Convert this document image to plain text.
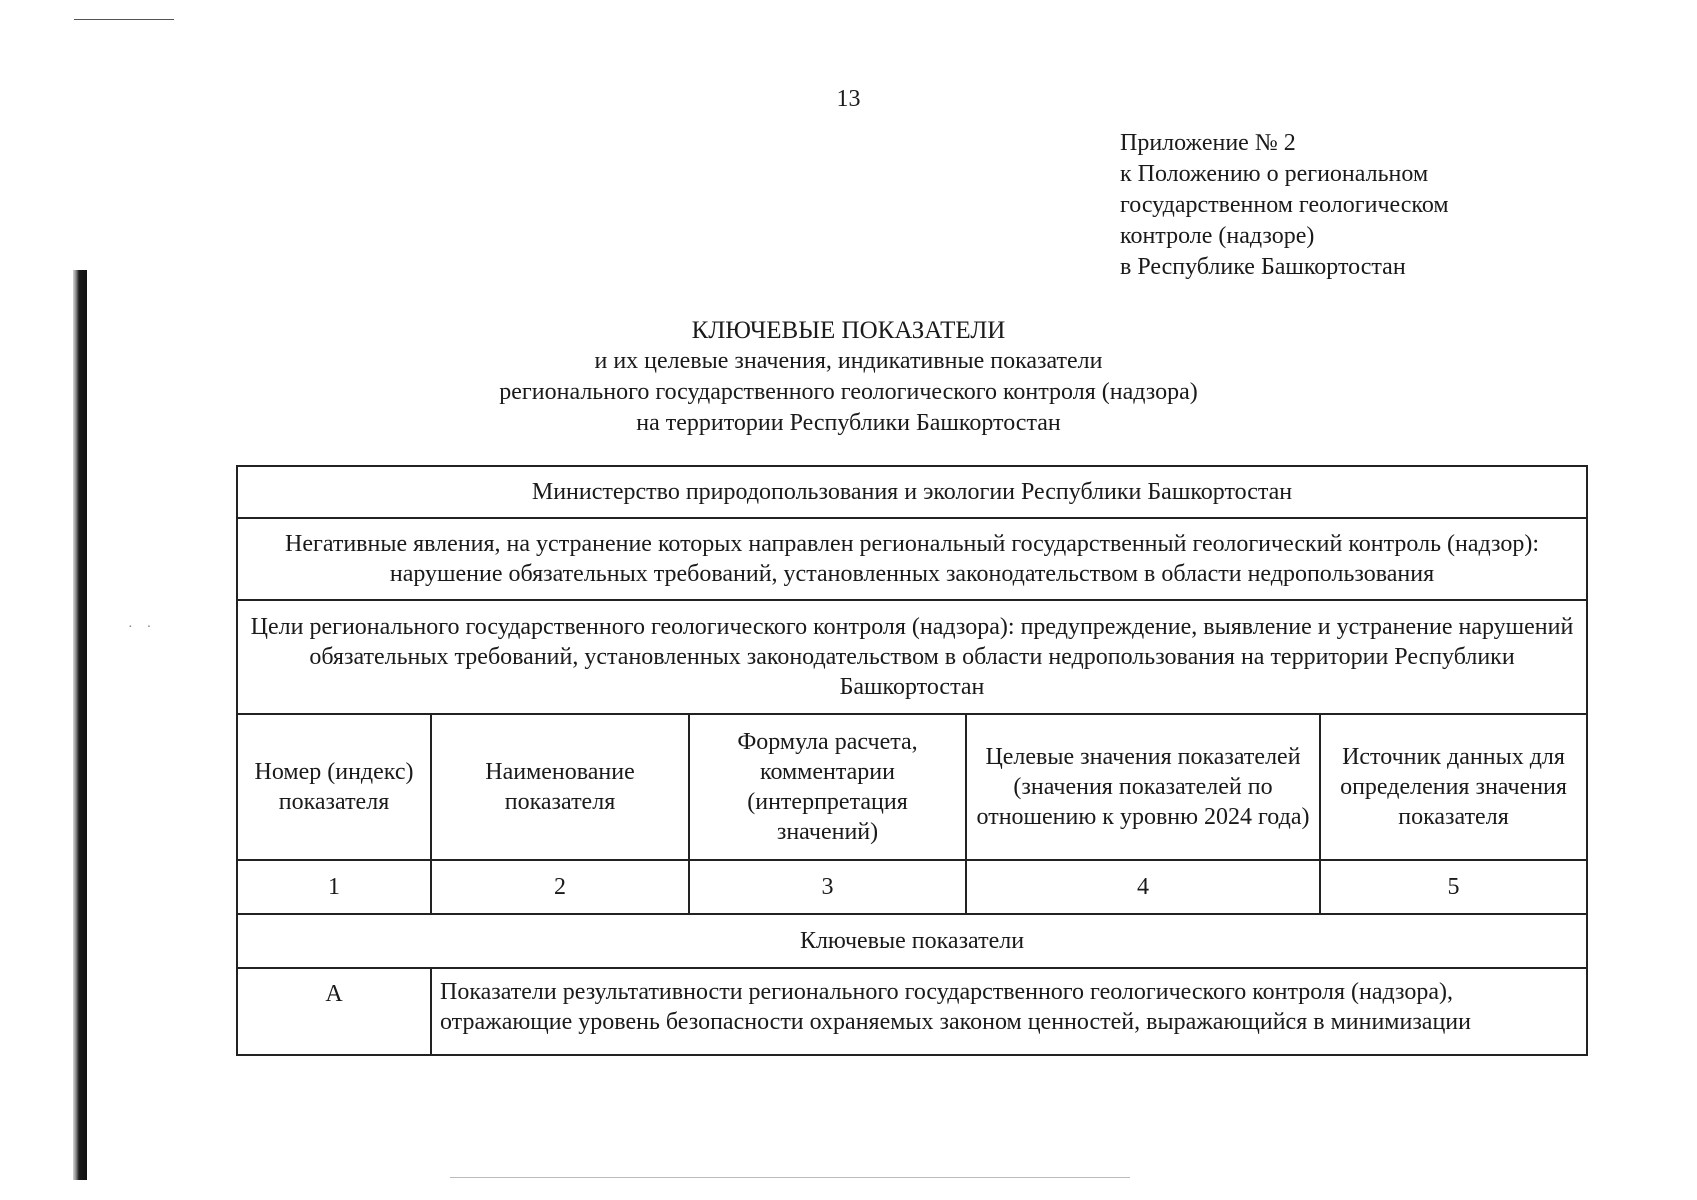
·    ·
13
Приложение № 2
к Положению о региональном
государственном геологическом
контроле (надзоре)
в Республике Башкортостан
КЛЮЧЕВЫЕ ПОКАЗАТЕЛИ
и их целевые значения, индикативные показатели
регионального государственного геологического контроля (надзора)
на территории Республики Башкортостан
Министерство природопользования и экологии Республики Башкортостан				
Негативные явления, на устранение которых направлен региональный государственный геологический контроль (надзор): нарушение обязательных требований, установленных законодательством в области недропользования				
Цели регионального государственного геологического контроля (надзора): предупреждение, выявление и устранение нарушений обязательных требований, установленных законодательством в области недропользования на территории Республики Башкортостан				
Номер (индекс) показателя	Наименование показателя	Формула расчета, комментарии (интерпретация значений)	Целевые значения показателей (значения показателей по отношению к уровню 2024 года)	Источник данных для определения значения показателя
1	2	3	4	5
Ключевые показатели				
А	Показатели результативности регионального государственного геологического контроля (надзора), отражающие уровень безопасности охраняемых законом ценностей, выражающийся в минимизации			
